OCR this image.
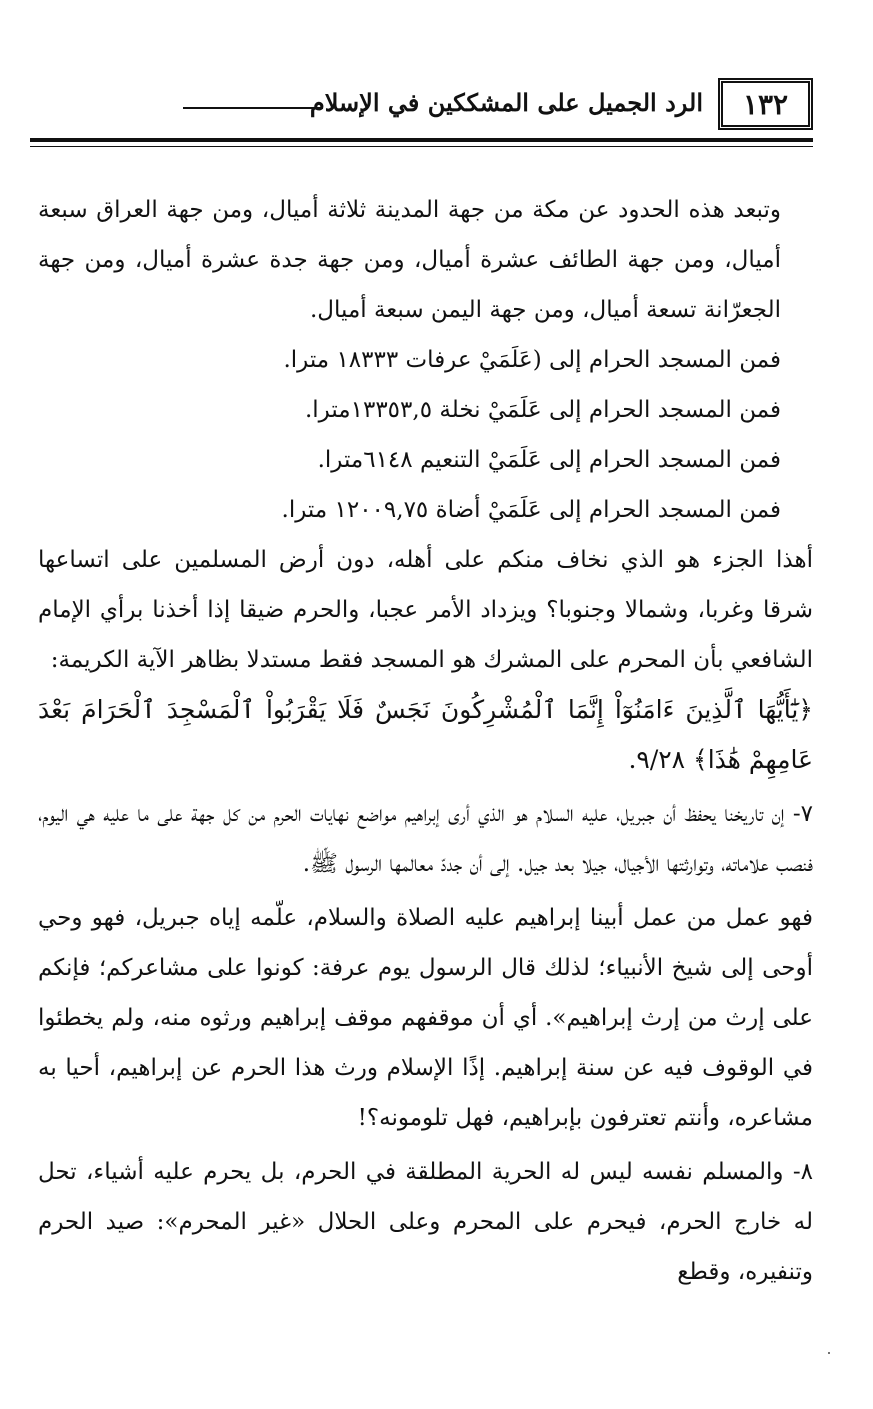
١٣٢
الرد الجميل على المشككين في الإسلام

وتبعد هذه الحدود عن مكة من جهة المدينة ثلاثة أميال، ومن جهة العراق سبعة أميال، ومن جهة الطائف عشرة أميال، ومن جهة جدة عشرة أميال، ومن جهة الجعرّانة تسعة أميال، ومن جهة اليمن سبعة أميال.

فمن المسجد الحرام إلى (عَلَمَيْ عرفات ١٨٣٣٣ مترا.

فمن المسجد الحرام إلى عَلَمَيْ نخلة ١٣٣٥٣,٥مترا.

فمن المسجد الحرام إلى عَلَمَيْ التنعيم ٦١٤٨مترا.

فمن المسجد الحرام إلى عَلَمَيْ أضاة ١٢٠٠٩,٧٥ مترا.

أهذا الجزء هو الذي نخاف منكم على أهله، دون أرض المسلمين على اتساعها شرقا وغربا، وشمالا وجنوبا؟ ويزداد الأمر عجبا، والحرم ضيقا إذا أخذنا برأي الإمام الشافعي بأن المحرم على المشرك هو المسجد فقط مستدلا بظاهر الآية الكريمة:

﴿يَٰٓأَيُّهَا ٱلَّذِينَ ءَامَنُوٓاْ إِنَّمَا ٱلْمُشْرِكُونَ نَجَسٌ فَلَا يَقْرَبُواْ ٱلْمَسْجِدَ ٱلْحَرَامَ بَعْدَ عَامِهِمْ هَٰذَا﴾ ٩/٢٨.

٧- إن تاريخنا يحفظ أن جبريل، عليه السلام هو الذي أرى إبراهيم مواضع نهايات الحرم من كل جهة على ما عليه هي اليوم، فنصب علاماته، وتوارثتها الأجيال، جيلا بعد جيل. إلى أن جددّ معالمها الرسول ﷺ.

فهو عمل من عمل أبينا إبراهيم عليه الصلاة والسلام، علّمه إياه جبريل، فهو وحي أوحى إلى شيخ الأنبياء؛ لذلك قال الرسول يوم عرفة: كونوا على مشاعركم؛ فإنكم على إرث من إرث إبراهيم». أي أن موقفهم موقف إبراهيم ورثوه منه، ولم يخطئوا في الوقوف فيه عن سنة إبراهيم. إذًا الإسلام ورث هذا الحرم عن إبراهيم، أحيا به مشاعره، وأنتم تعترفون بإبراهيم، فهل تلومونه؟!

٨- والمسلم نفسه ليس له الحرية المطلقة في الحرم، بل يحرم عليه أشياء، تحل له خارج الحرم، فيحرم على المحرم وعلى الحلال «غير المحرم»: صيد الحرم وتنفيره، وقطع
